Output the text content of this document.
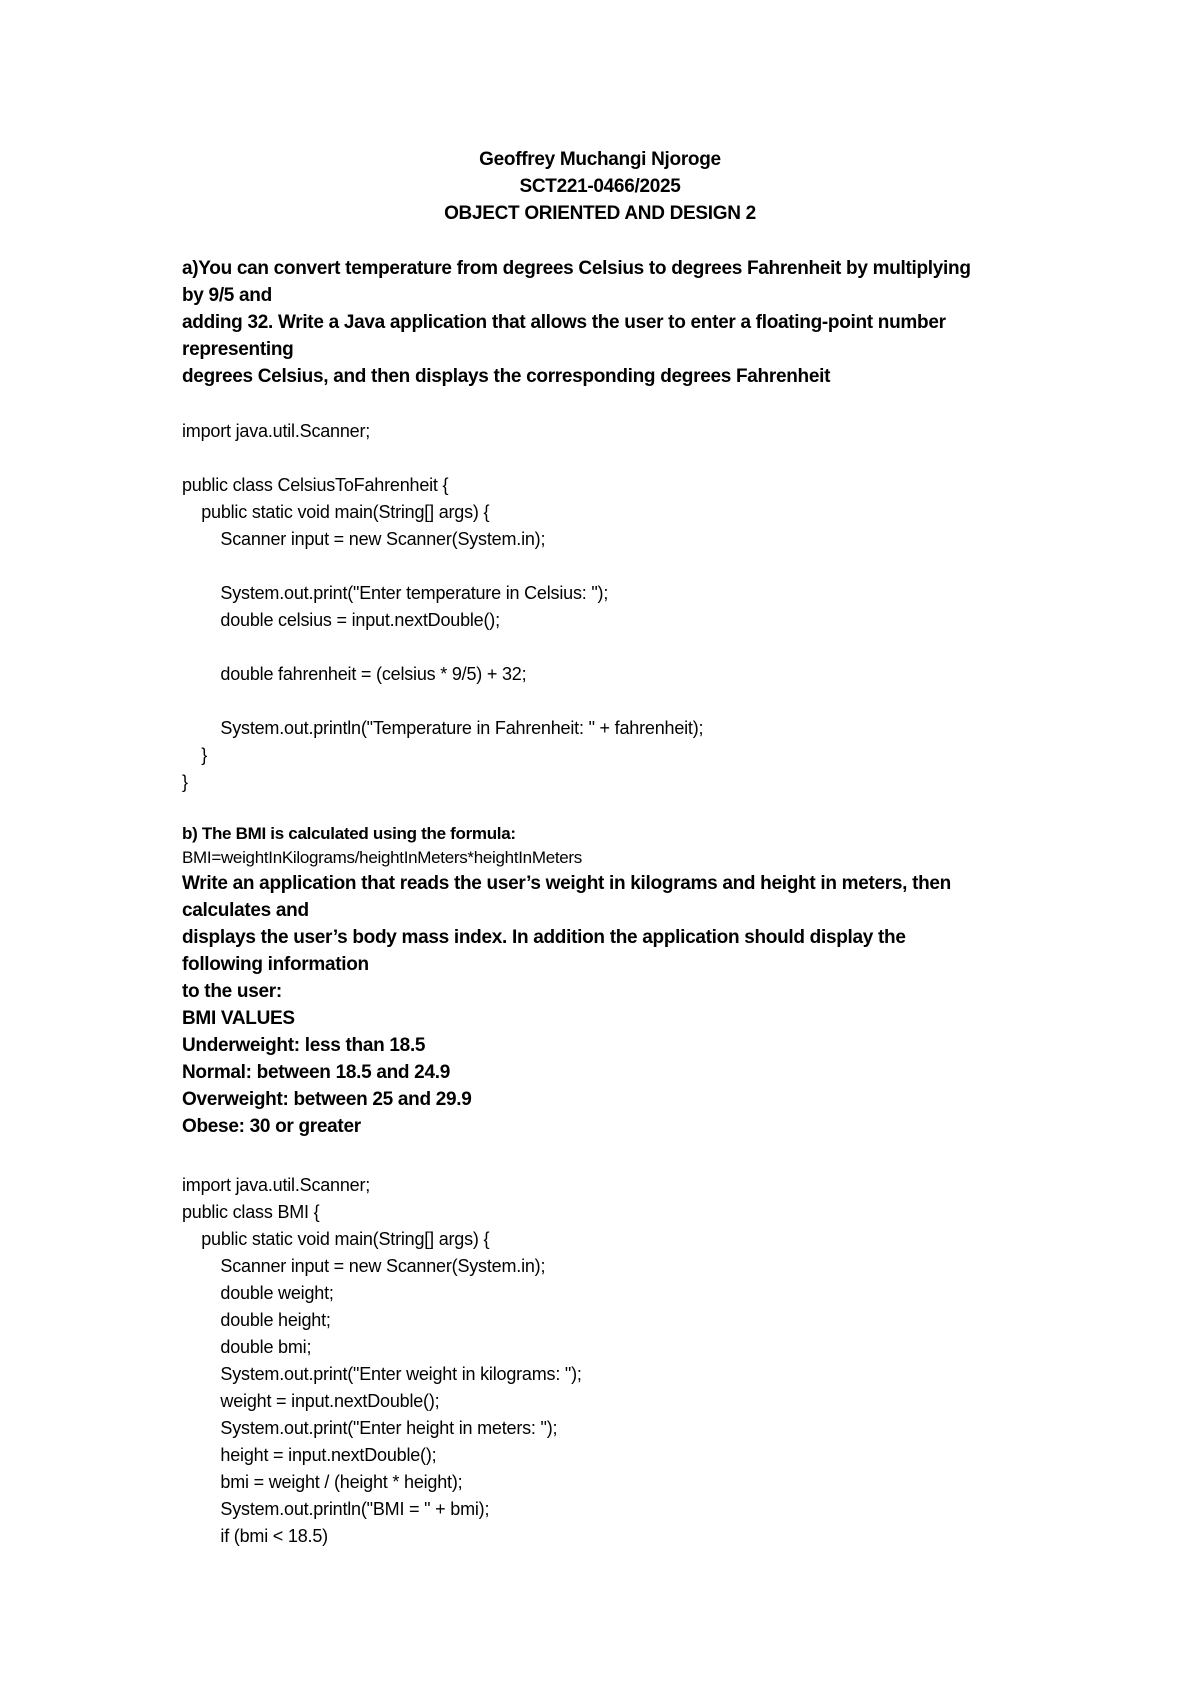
Geoffrey Muchangi Njoroge
SCT221-0466/2025
OBJECT ORIENTED AND DESIGN 2
a)You can convert temperature from degrees Celsius to degrees Fahrenheit by multiplying
by 9/5 and
adding 32. Write a Java application that allows the user to enter a floating-point number
representing
degrees Celsius, and then displays the corresponding degrees Fahrenheit
import java.util.Scanner;
public class CelsiusToFahrenheit {
public static void main(String[] args) {
Scanner input = new Scanner(System.in);
System.out.print("Enter temperature in Celsius: ");
double celsius = input.nextDouble();
double fahrenheit = (celsius * 9/5) + 32;
System.out.println("Temperature in Fahrenheit: " + fahrenheit);
}
}
b) The BMI is calculated using the formula:
BMI=weightInKilograms/heightInMeters*heightInMeters
Write an application that reads the user’s weight in kilograms and height in meters, then
calculates and
displays the user’s body mass index. In addition the application should display the
following information
to the user:
BMI VALUES
Underweight: less than 18.5
Normal: between 18.5 and 24.9
Overweight: between 25 and 29.9
Obese: 30 or greater
import java.util.Scanner;
public class BMI {
public static void main(String[] args) {
Scanner input = new Scanner(System.in);
double weight;
double height;
double bmi;
System.out.print("Enter weight in kilograms: ");
weight = input.nextDouble();
System.out.print("Enter height in meters: ");
height = input.nextDouble();
bmi = weight / (height * height);
System.out.println("BMI = " + bmi);
if (bmi < 18.5)
